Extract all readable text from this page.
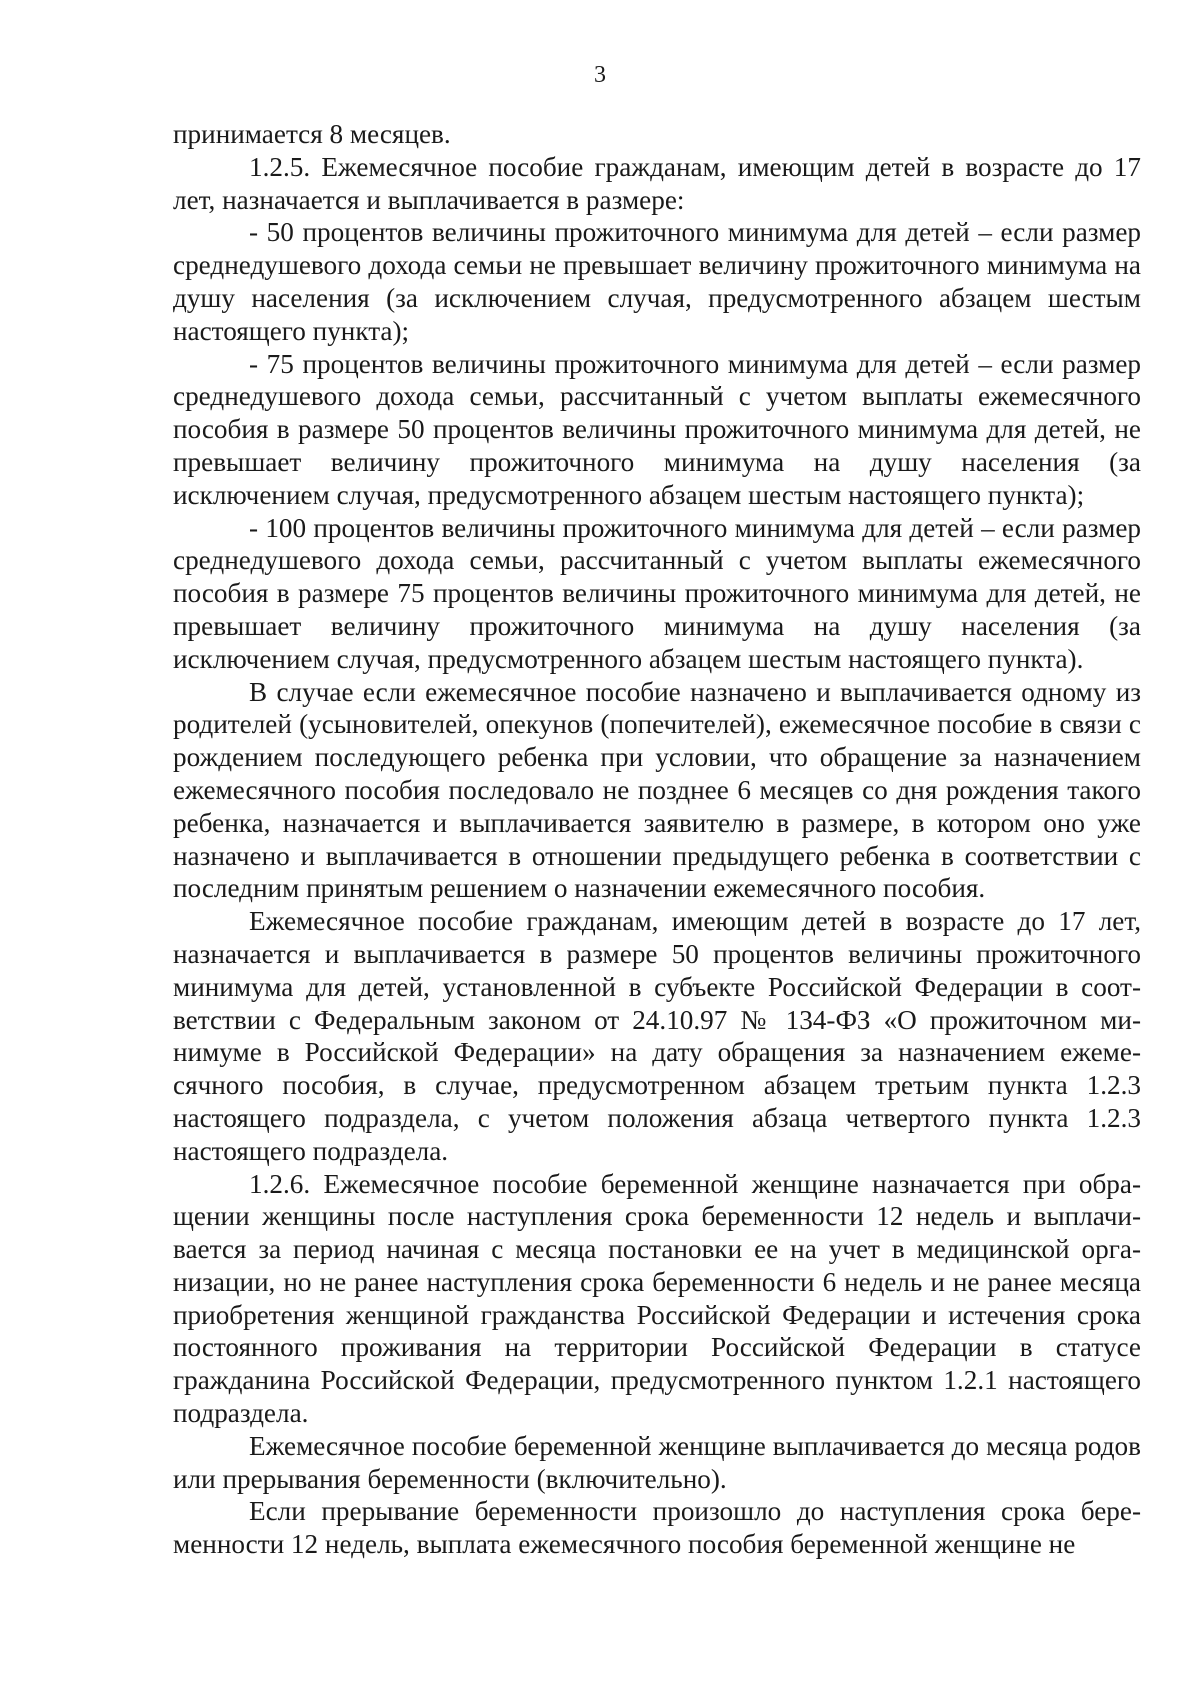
3

принимается 8 месяцев.

1.2.5. Ежемесячное пособие гражданам, имеющим детей в возрасте до 17 лет, назначается и выплачивается в размере:

- 50 процентов величины прожиточного минимума для детей – если размер среднедушевого дохода семьи не превышает величину прожиточного минимума на душу населения (за исключением случая, предусмотренного абзацем шестым настоящего пункта);

- 75 процентов величины прожиточного минимума для детей – если размер среднедушевого дохода семьи, рассчитанный с учетом выплаты ежемесячного пособия в размере 50 процентов величины прожиточного минимума для детей, не превышает величину прожиточного минимума на душу населения (за исключением случая, предусмотренного абзацем шестым настоящего пункта);

- 100 процентов величины прожиточного минимума для детей – если размер среднедушевого дохода семьи, рассчитанный с учетом выплаты ежемесячного пособия в размере 75 процентов величины прожиточного минимума для детей, не превышает величину прожиточного минимума на душу населения (за исключением случая, предусмотренного абзацем шестым настоящего пункта).

В случае если ежемесячное пособие назначено и выплачивается одному из родителей (усыновителей, опекунов (попечителей), ежемесячное пособие в связи с рождением последующего ребенка при условии, что обращение за назначением ежемесячного пособия последовало не позднее 6 месяцев со дня рождения такого ребенка, назначается и выплачивается заявителю в размере, в котором оно уже назначено и выплачивается в отношении предыдущего ребенка в соответствии с последним принятым решением о назначении ежемесячного пособия.

Ежемесячное пособие гражданам, имеющим детей в возрасте до 17 лет, назначается и выплачивается в размере 50 процентов величины прожиточного минимума для детей, установленной в субъекте Российской Федерации в соответствии с Федеральным законом от 24.10.97 № 134-ФЗ «О прожиточном минимуме в Российской Федерации» на дату обращения за назначением ежемесячного пособия, в случае, предусмотренном абзацем третьим пункта 1.2.3 настоящего подраздела, с учетом положения абзаца четвертого пункта 1.2.3 настоящего подраздела.

1.2.6. Ежемесячное пособие беременной женщине назначается при обращении женщины после наступления срока беременности 12 недель и выплачивается за период начиная с месяца постановки ее на учет в медицинской организации, но не ранее наступления срока беременности 6 недель и не ранее месяца приобретения женщиной гражданства Российской Федерации и истечения срока постоянного проживания на территории Российской Федерации в статусе гражданина Российской Федерации, предусмотренного пунктом 1.2.1 настоящего подраздела.

Ежемесячное пособие беременной женщине выплачивается до месяца родов или прерывания беременности (включительно).

Если прерывание беременности произошло до наступления срока беременности 12 недель, выплата ежемесячного пособия беременной женщине не
